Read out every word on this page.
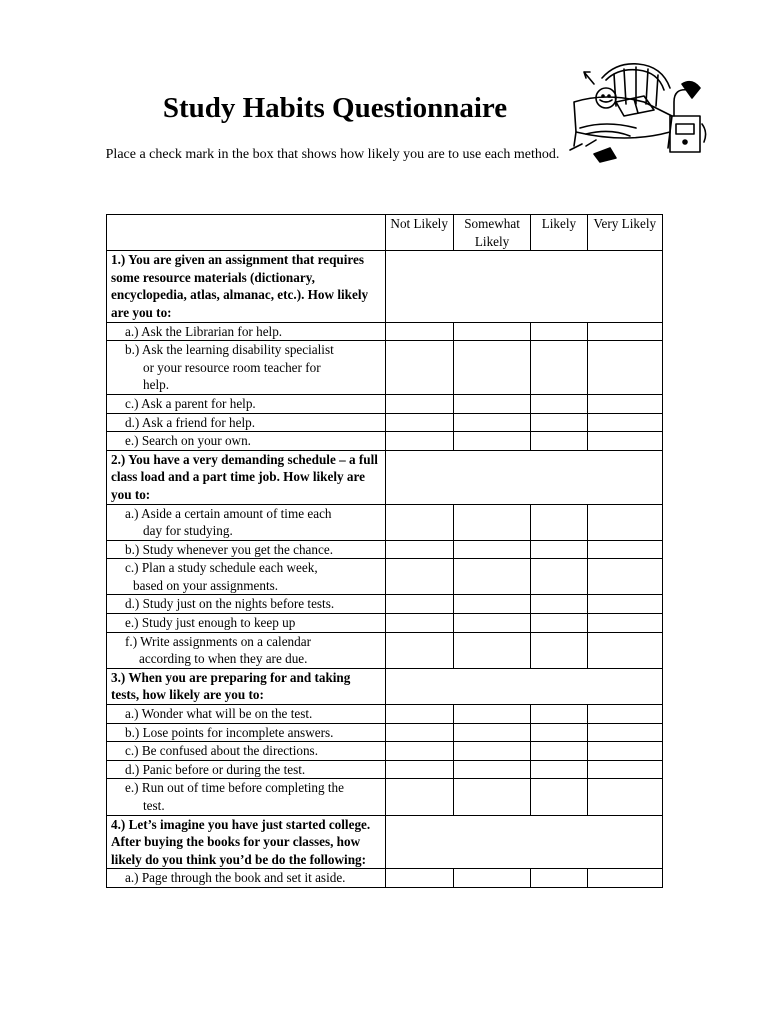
Study Habits Questionnaire
Place a check mark in the box that shows how likely you are to use each method.
	Not Likely	Somewhat Likely	Likely	Very Likely
1.) You are given an assignment that requires some resource materials (dictionary, encyclopedia, atlas, almanac, etc.). How likely are you to:				
a.) Ask the Librarian for help.				
b.) Ask the learning disability specialist
or your resource room teacher for
help.				

c.) Ask a parent for help.				
d.) Ask a friend for help.				
e.) Search on your own.				
2.) You have a very demanding schedule – a full class load and a part time job. How likely are you to:				
a.) Aside a certain amount of time each
day for studying.				

b.) Study whenever you get the chance.				
c.) Plan a study schedule each week,
based on your assignments.				

d.) Study just on the nights before tests.				
e.) Study just enough to keep up				
f.) Write assignments on a calendar
according to when they are due.				

3.) When you are preparing for and taking tests, how likely are you to:				
a.) Wonder what will be on the test.				
b.) Lose points for incomplete answers.				
c.) Be confused about the directions.				
d.) Panic before or during the test.				
e.) Run out of time before completing the
test.				

4.) Let’s imagine you have just started college. After buying the books for your classes, how likely do you think you’d be do the following:				
a.) Page through the book and set it aside.				
